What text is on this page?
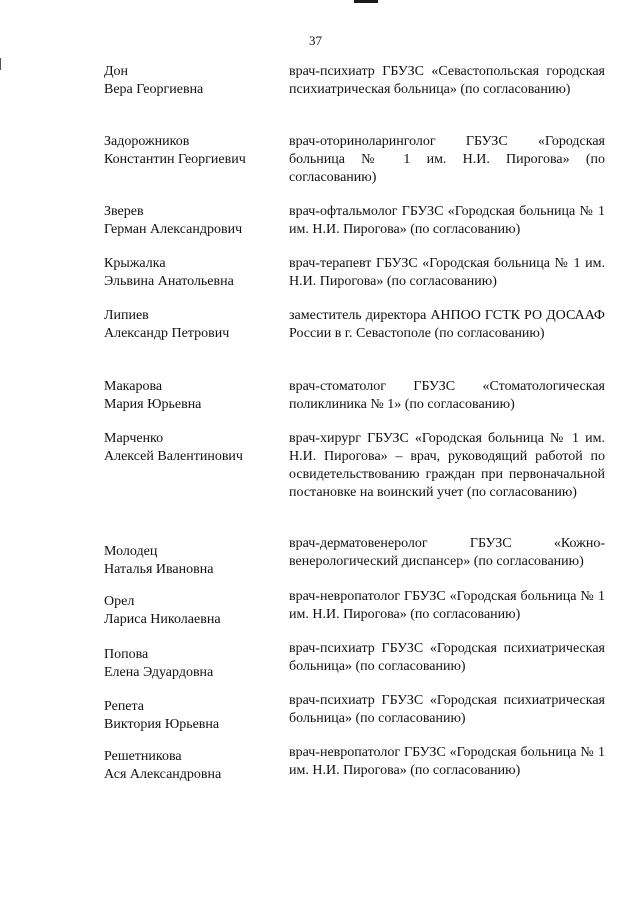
37
Дон
Вера Георгиевна
врач-психиатр ГБУЗС «Севастопольская городская психиатрическая больница» (по согласованию)
Задорожников
Константин Георгиевич
врач-оториноларинголог ГБУЗС «Городская больница № 1 им. Н.И. Пирогова» (по согласованию)
Зверев
Герман Александрович
врач-офтальмолог ГБУЗС «Городская больница № 1 им. Н.И. Пирогова» (по согласованию)
Крыжалка
Эльвина Анатольевна
врач-терапевт ГБУЗС «Городская больница № 1 им. Н.И. Пирогова» (по согласованию)
Липиев
Александр Петрович
заместитель директора АНПОО ГСТК РО ДОСААФ России в г. Севастополе (по согласованию)
Макарова
Мария Юрьевна
врач-стоматолог ГБУЗС «Стоматологическая поликлиника № 1» (по согласованию)
Марченко
Алексей Валентинович
врач-хирург ГБУЗС «Городская больница № 1 им. Н.И. Пирогова» – врач, руководящий работой по освидетельствованию граждан при первоначальной постановке на воинский учет (по согласованию)
Молодец
Наталья Ивановна
врач-дерматовенеролог ГБУЗС «Кожно-венерологический диспансер» (по согласованию)
Орел
Лариса Николаевна
врач-невропатолог ГБУЗС «Городская больница № 1 им. Н.И. Пирогова» (по согласованию)
Попова
Елена Эдуардовна
врач-психиатр ГБУЗС «Городская психиатрическая больница» (по согласованию)
Репета
Виктория Юрьевна
врач-психиатр ГБУЗС «Городская психиатрическая больница» (по согласованию)
Решетникова
Ася Александровна
врач-невропатолог ГБУЗС «Городская больница № 1 им. Н.И. Пирогова» (по согласованию)
